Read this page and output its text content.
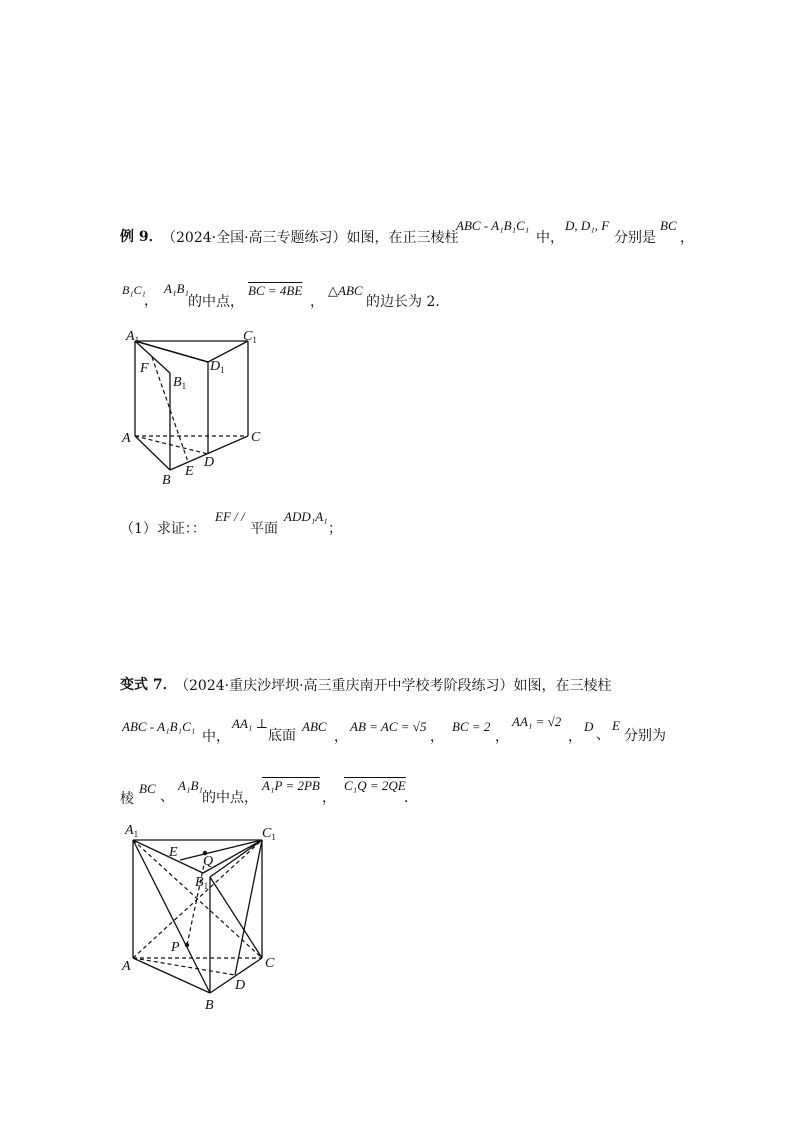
例 9． （2024·全国·高三专题练习）如图，在正三棱柱
ABC - A₁B₁C₁
中，
D, D₁, F
分别是
BC
，
B₁C₁
，
A₁B₁
的中点，
BC = 4BE
，
△ABC
的边长为 2．
$A_1$	$C_1$
F
$B_1$
$D_1$
A	C
E
D
B
（1）求证：：
EF / /
平面
ADD₁A₁
；
变式 7．
（2024·重庆沙坪坝·高三重庆南开中学校考阶段练习）如图，在三棱柱
ABC - A₁B₁C₁
中，
AA₁ ⊥
底面
ABC
，
AB = AC = √5
，
BC = 2
，
AA₁ = √2
，
D
、
E
分别为
棱
BC
、
A₁B₁
的中点，
A₁P = 2PB
，
C₁Q = 2QE
．
$A_1$	$C_1$
E
Q
$B_1$
P
A	C
D
B
